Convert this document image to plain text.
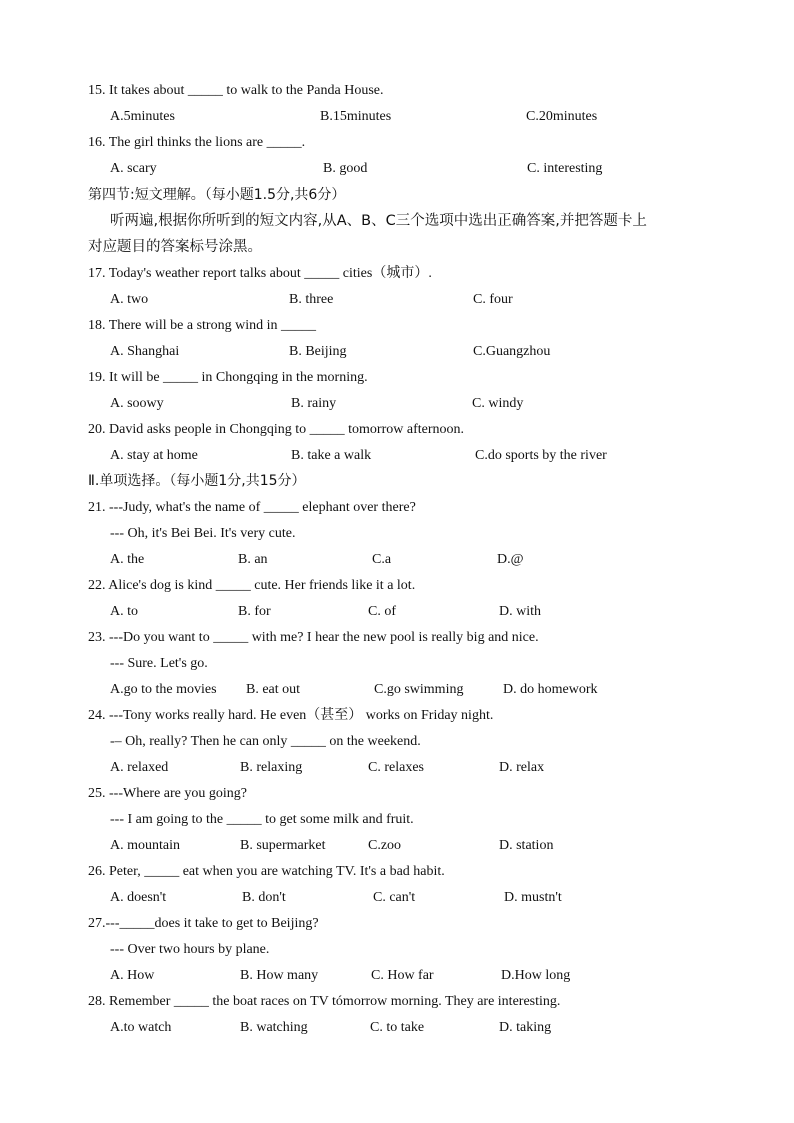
15. It takes about _____ to walk to the Panda House.
16. The girl thinks the lions are _____.
第四节:短文理解。（每小题1.5分,共6分）
听两遍,根据你所听到的短文内容,从A、B、C三个选项中选出正确答案,并把答题卡上
对应题目的答案标号涂黑。
17. Today's weather report talks about _____ cities（城市）.
18. There will be a strong wind in _____
19. It will be _____ in Chongqing in the morning.
20. David asks people in Chongqing to _____ tomorrow afternoon.
Ⅱ.单项选择。（每小题1分,共15分）
21. ---Judy, what's the name of _____ elephant over there?
--- Oh, it's Bei Bei. It's very cute.
22. Alice's dog is kind _____ cute. Her friends like it a lot.
23. ---Do you want to _____ with me? I hear the new pool is really big and nice.
--- Sure. Let's go.
24. ---Tony works really hard. He even（甚至） works on Friday night.
-– Oh, really? Then he can only _____ on the weekend.
25. ---Where are you going?
--- I am going to the _____ to get some milk and fruit.
26. Peter, _____ eat when you are watching TV. It's a bad habit.
27.---_____does it take to get to Beijing?
--- Over two hours by plane.
28. Remember _____ the boat races on TV tómorrow morning. They are interesting.
A.5minutes	B.15minutes	C.20minutes
A. scary	B. good	C. interesting
A. two	B. three	C. four
A. Shanghai	B. Beijing	C.Guangzhou
A. soowy	B. rainy	C. windy
A. stay at home	B. take a walk	C.do sports by the river
A. the	B. an	C.a	D.@
A. to	B. for	C. of	D. with
A.go to the movies B. eat out	C.go swimming	D. do homework
A. relaxed	B. relaxing	C. relaxes	D. relax
A. mountain	B. supermarket	C.zoo	D. station
A. doesn't	B. don't	C. can't	D. mustn't
A. How	B. How many	C. How far	D.How long
A.to watch	B. watching	C. to take	D. taking
